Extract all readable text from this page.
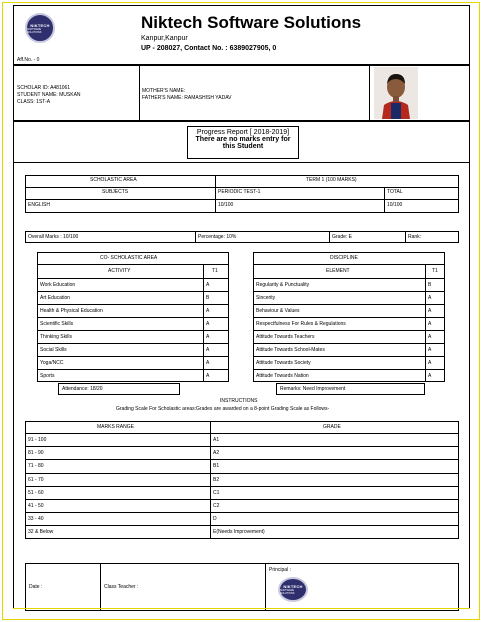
NIKTECH
SOFTWARE SOLUTIONS	Niktech Software Solutions
Kanpur,Kanpur
UP - 208027, Contact No. : 6389027905, 0
Aff.No. - 0
SCHOLAR ID: A481061
STUDENT NAME: MUSKAN
CLASS: 1ST-A
MOTHER'S NAME:
FATHER'S NAME: RAMASHISH YADAV
Progress Report [ 2018-2019]
There are no marks entry for
this Student
SCHOLASTIC AREA	TERM 1 (100 MARKS)
SUBJECTS	PERIODIC TEST-1	TOTAL
ENGLISH	10/100	10/100
Overall Marks : 10/100	Percentage: 10%	Grade: E	Rank:
CO- SCHOLASTIC AREA
ACTIVITY	T1
Work Education	A
Art Education	B
Health & Physical Education	A
Scientific Skills	A
Thinking Skills	A
Social Skills	A
Yoga/NCC	A
Sports	A
DISCIPLINE
ELEMENT	T1
Regularity & Punctuality	B
Sincerity	A
Behaviour & Values	A
Respectfulness For Rules & Regulations	A
Attitude Towards Teachers	A
Attitude Towards School-Mates	A
Attitude Towards Society	A
Attitude Towards Nation	A
Attendance: 18/20	Remarks: Need Improvement
INSTRUCTIONS
Grading Scale For Scholastic areas:Grades are awarded on a 8-point Grading Scale as Follows-
MARKS RANGE	GRADE
91 - 100	A1
81 - 90	A2
71 - 80	B1
61 - 70	B2
51 - 60	C1
41 - 50	C2
33 - 40	D
32 & Below	E(Needs Improvement)
Date :	Class Teacher :
Principal :
NIKTECH
SOFTWARE SOLUTIONS
